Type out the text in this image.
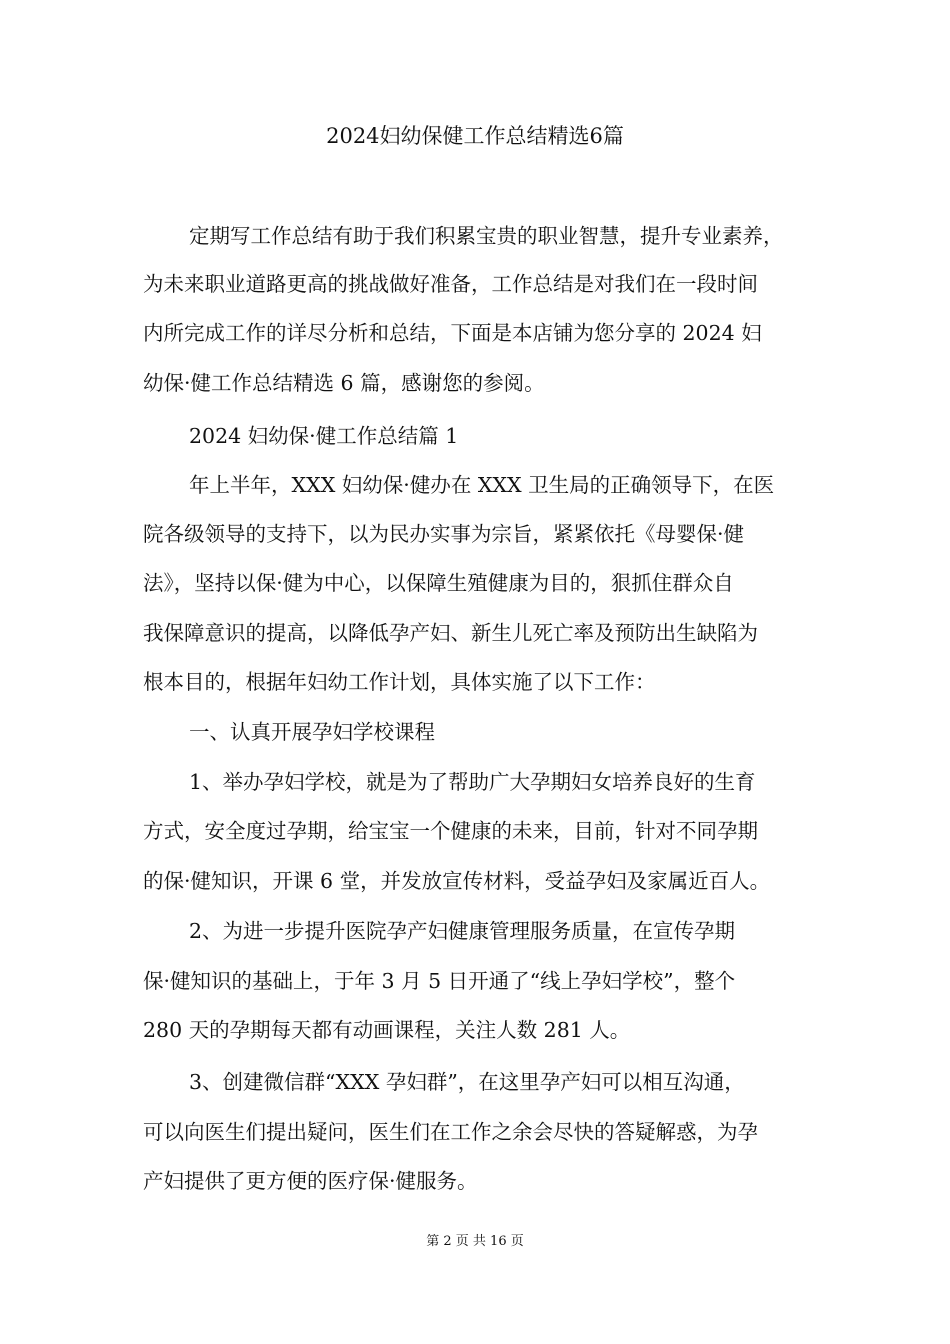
2024妇幼保健工作总结精选6篇
定期写工作总结有助于我们积累宝贵的职业智慧，提升专业素养，
为未来职业道路更高的挑战做好准备，工作总结是对我们在一段时间
内所完成工作的详尽分析和总结，下面是本店铺为您分享的 2024 妇
幼保·健工作总结精选 6 篇，感谢您的参阅。
2024 妇幼保·健工作总结篇 1
年上半年，XXX 妇幼保·健办在 XXX 卫生局的正确领导下，在医
院各级领导的支持下，以为民办实事为宗旨，紧紧依托《母婴保·健
法》，坚持以保·健为中心，以保障生殖健康为目的，狠抓住群众自
我保障意识的提高，以降低孕产妇、新生儿死亡率及预防出生缺陷为
根本目的，根据年妇幼工作计划，具体实施了以下工作：
一、认真开展孕妇学校课程
1、举办孕妇学校，就是为了帮助广大孕期妇女培养良好的生育
方式，安全度过孕期，给宝宝一个健康的未来，目前，针对不同孕期
的保·健知识，开课 6 堂，并发放宣传材料，受益孕妇及家属近百人。
2、为进一步提升医院孕产妇健康管理服务质量，在宣传孕期
保·健知识的基础上，于年 3 月 5 日开通了“线上孕妇学校”，整个
280 天的孕期每天都有动画课程，关注人数 281 人。
3、创建微信群“XXX 孕妇群”，在这里孕产妇可以相互沟通，
可以向医生们提出疑问，医生们在工作之余会尽快的答疑解惑，为孕
产妇提供了更方便的医疗保·健服务。
第 2 页 共 16 页
